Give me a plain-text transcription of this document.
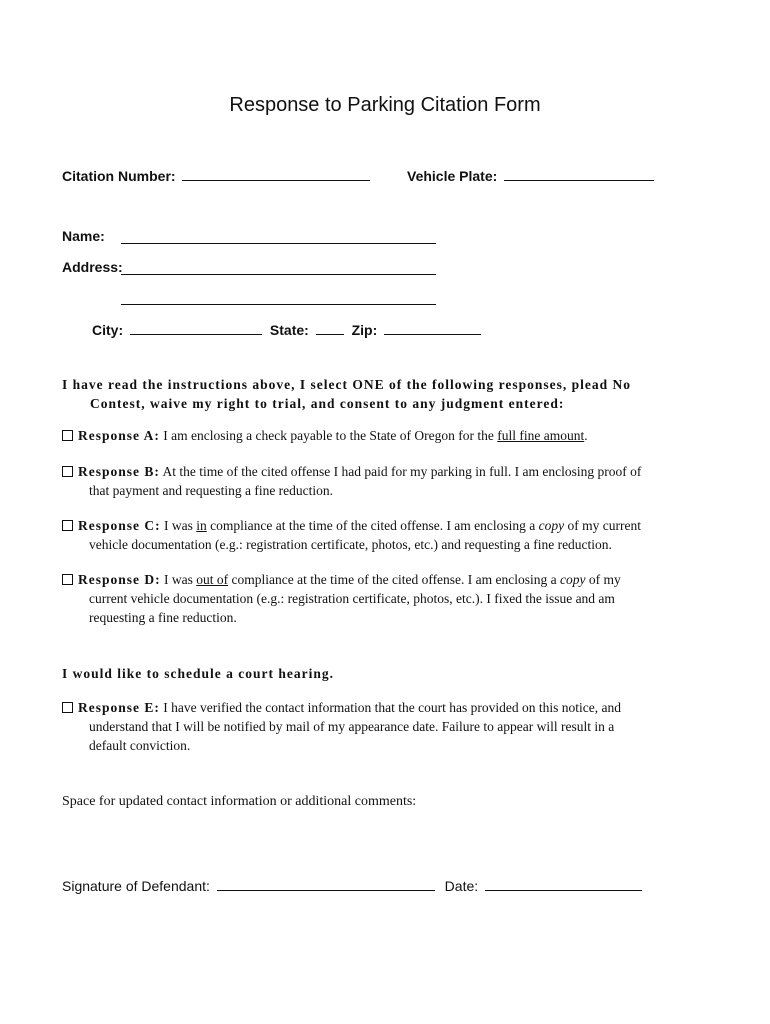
Response to Parking Citation Form
Citation Number:	Vehicle Plate:
Name:
Address:
City:	State:	Zip:
I have read the instructions above, I select ONE of the following responses, plead No
Contest, waive my right to trial, and consent to any judgment entered:
Response A: I am enclosing a check payable to the State of Oregon for the full fine amount.
Response B: At the time of the cited offense I had paid for my parking in full. I am enclosing proof of
that payment and requesting a fine reduction.
Response C: I was in compliance at the time of the cited offense. I am enclosing a copy of my current
vehicle documentation (e.g.: registration certificate, photos, etc.) and requesting a fine reduction.
Response D: I was out of compliance at the time of the cited offense. I am enclosing a copy of my
current vehicle documentation (e.g.: registration certificate, photos, etc.). I fixed the issue and am
requesting a fine reduction.
I would like to schedule a court hearing.
Response E: I have verified the contact information that the court has provided on this notice, and
understand that I will be notified by mail of my appearance date. Failure to appear will result in a
default conviction.
Space for updated contact information or additional comments:
Signature of Defendant:	Date:
